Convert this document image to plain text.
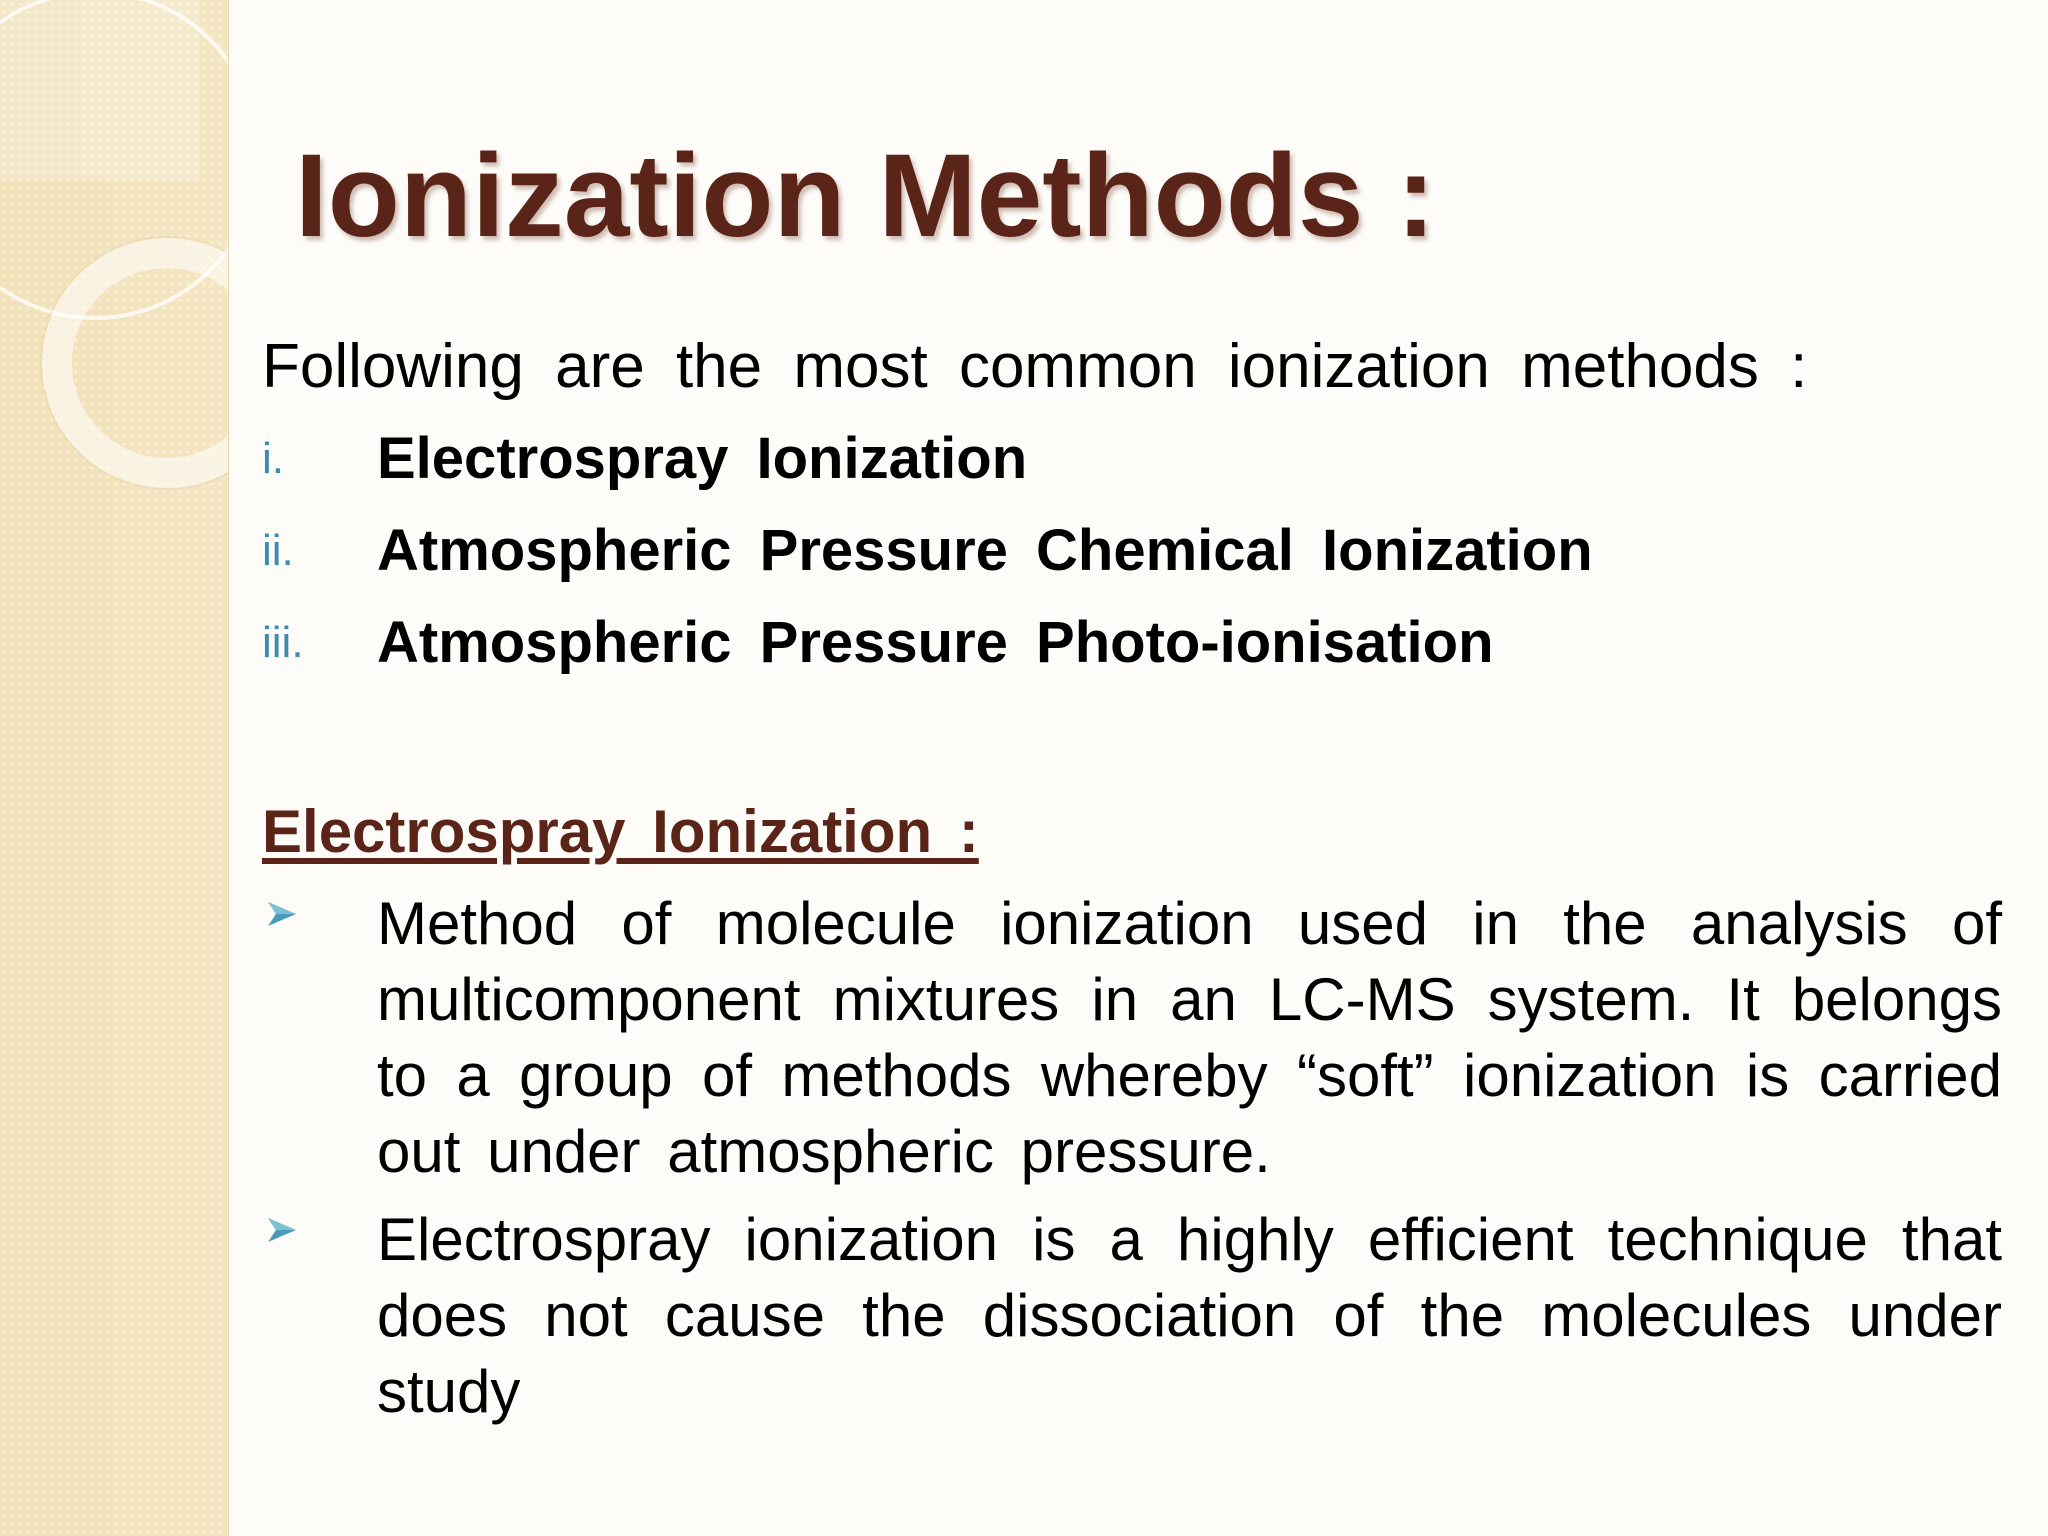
Ionization Methods :

Following are the most common ionization methods :

i. Electrospray Ionization
ii. Atmospheric Pressure Chemical Ionization
iii. Atmospheric Pressure Photo-ionisation
Electrospray Ionization :
Method of molecule ionization used in the analysis of multicomponent mixtures in an LC-MS system. It belongs to a group of methods whereby “soft” ionization is carried out under atmospheric pressure.
Electrospray ionization is a highly efficient technique that does not cause the dissociation of the molecules under study
